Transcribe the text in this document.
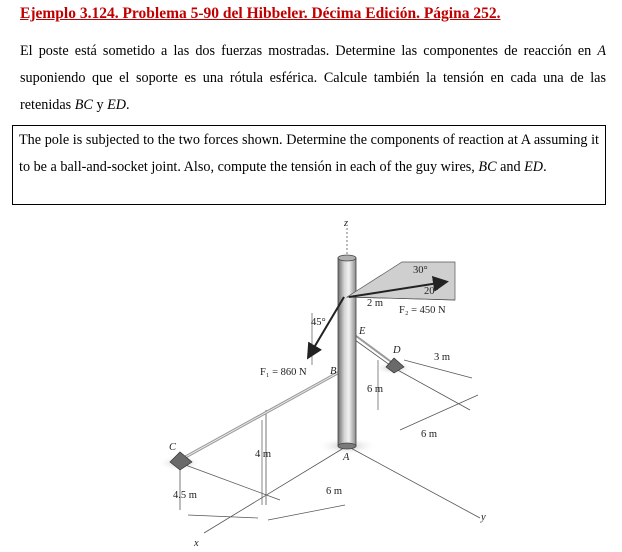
Ejemplo 3.124. Problema 5-90 del Hibbeler. Décima Edición. Página 252.
El poste está sometido a las dos fuerzas mostradas. Determine las componentes de reacción en A suponiendo que el soporte es una rótula esférica. Calcule también la tensión en cada una de las retenidas BC y ED.

The pole is subjected to the two forces shown. Determine the components of reaction at A assuming it to be a ball-and-socket joint. Also, compute the tensión in each of the guy wires, BC and ED.

z
x
y
30°
20°
45°
2 m
F₂ = 450 N
E
D
B
F₁ = 860 N
3 m
6 m
6 m
C
4 m	A
6 m
4.5 m
